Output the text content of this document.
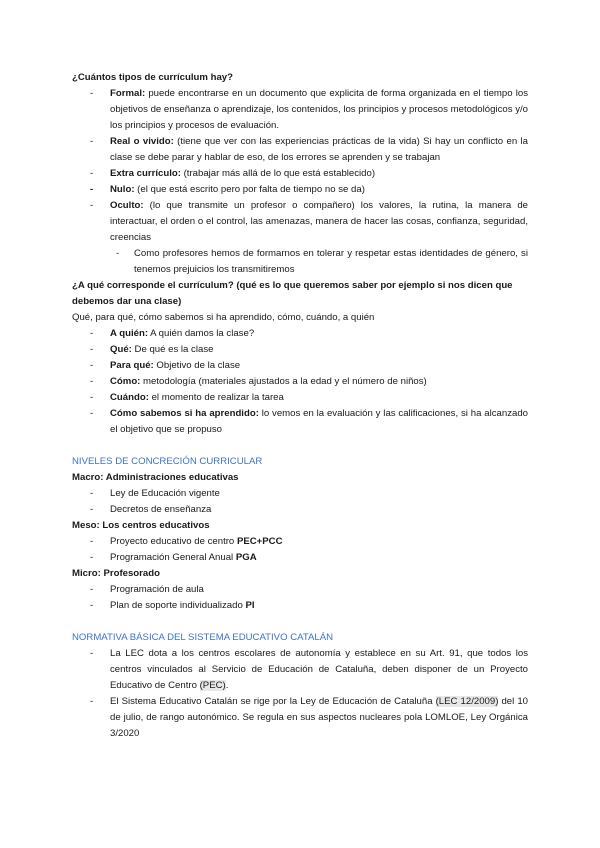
¿Cuántos tipos de currículum hay?

- Formal: puede encontrarse en un documento que explicita de forma organizada en el tiempo los objetivos de enseñanza o aprendizaje, los contenidos, los principios y procesos metodológicos y/o los principios y procesos de evaluación.
- Real o vivido: (tiene que ver con las experiencias prácticas de la vida) Si hay un conflicto en la clase se debe parar y hablar de eso, de los errores se aprenden y se trabajan
- Extra currículo: (trabajar más allá de lo que está establecido)
- Nulo: (el que está escrito pero por falta de tiempo no se da)
- Oculto: (lo que transmite un profesor o compañero) los valores, la rutina, la manera de interactuar, el orden o el control, las amenazas, manera de hacer las cosas, confianza, seguridad, creencias
- Como profesores hemos de formarnos en tolerar y respetar estas identidades de género, si tenemos prejuicios los transmitiremos

¿A qué corresponde el currículum? (qué es lo que queremos saber por ejemplo si nos dicen que debemos dar una clase)

Qué, para qué, cómo sabemos si ha aprendido, cómo, cuándo, a quién

- A quién: A quién damos la clase?
- Qué: De qué es la clase
- Para qué: Objetivo de la clase
- Cómo: metodología (materiales ajustados a la edad y el número de niños)
- Cuándo: el momento de realizar la tarea
- Cómo sabemos si ha aprendido: lo vemos en la evaluación y las calificaciones, si ha alcanzado el objetivo que se propuso

NIVELES DE CONCRECIÓN CURRICULAR

Macro: Administraciones educativas

- Ley de Educación vigente
- Decretos de enseñanza

Meso: Los centros educativos

- Proyecto educativo de centro PEC+PCC
- Programación General Anual PGA

Micro: Profesorado

- Programación de aula
- Plan de soporte individualizado PI

NORMATIVA BÁSICA DEL SISTEMA EDUCATIVO CATALÁN

- La LEC dota a los centros escolares de autonomía y establece en su Art. 91, que todos los centros vinculados al Servicio de Educación de Cataluña, deben disponer de un Proyecto Educativo de Centro (PEC).
- El Sistema Educativo Catalán se rige por la Ley de Educación de Cataluña (LEC 12/2009) del 10 de julio, de rango autonómico. Se regula en sus aspectos nucleares pola LOMLOE, Ley Orgánica 3/2020
